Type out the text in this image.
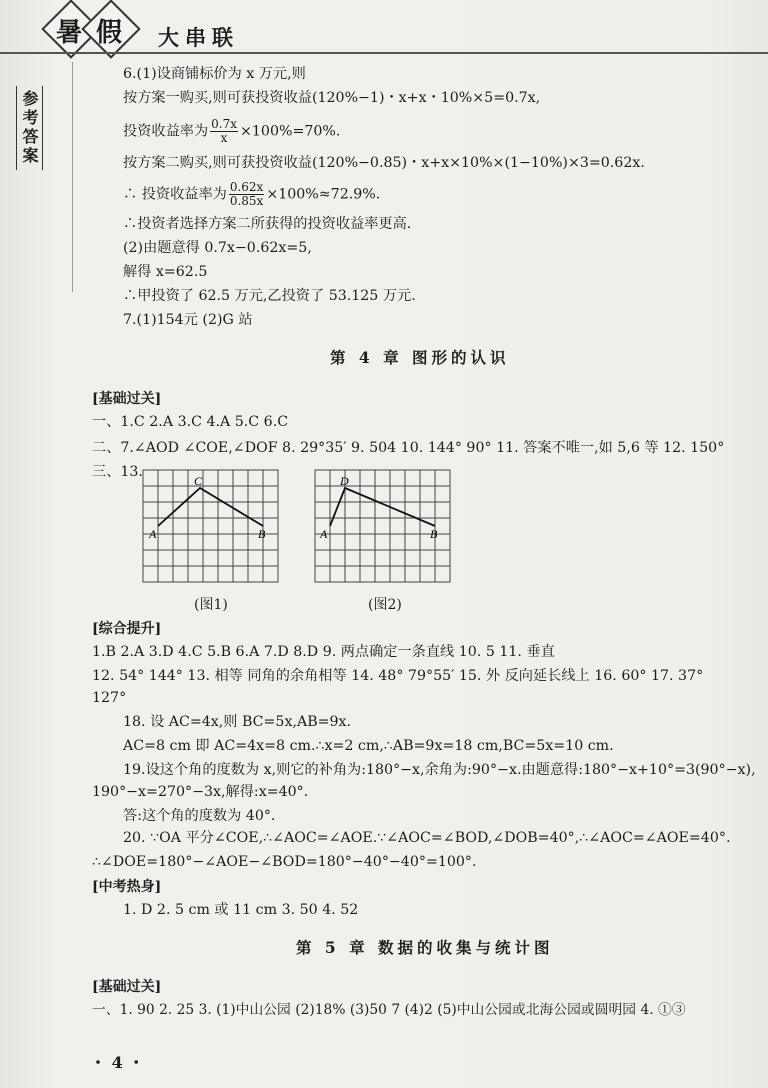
暑 假 大串联
参考答案
6.(1)设商铺标价为 x 万元,则
按方案一购买,则可获投资收益(120%−1)・x+x・10%×5=0.7x,
投资收益率为 $\frac{0.7x}{x} \times 100\%=70\%$.
按方案二购买,则可获投资收益(120%−0.85)・x+x×10%×(1−10%)×3=0.62x.
∴ 投资收益率为 $\frac{0.62x}{0.85x} \times 100\%\approx 72.9\%$.
∴投资者选择方案二所获得的投资收益率更高.
(2)由题意得 0.7x−0.62x=5,
解得 x=62.5
∴甲投资了 62.5 万元,乙投资了 53.125 万元.
7.(1)154元 (2)G 站
第 4 章 图形的认识
[基础过关]
一、1.C 2.A 3.C 4.A 5.C 6.C
二、7.∠AOD ∠COE,∠DOF 8. 29°35′ 9. 504 10. 144° 90° 11. 答案不唯一,如 5,6 等 12. 150°
三、13.
A
C
B
(图1)
A
D
B
(图2)
[综合提升]
1.B 2.A 3.D 4.C 5.B 6.A 7.D 8.D 9. 两点确定一条直线 10. 5 11. 垂直
12. 54° 144° 13. 相等 同角的余角相等 14. 48° 79°55′ 15. 外 反向延长线上 16. 60° 17. 37°
127°
18. 设 AC=4x,则 BC=5x,AB=9x.
AC=8 cm 即 AC=4x=8 cm.∴x=2 cm,∴AB=9x=18 cm,BC=5x=10 cm.
19.设这个角的度数为 x,则它的补角为:180°−x,余角为:90°−x.由题意得:180°−x+10°=3(90°−x),
190°−x=270°−3x,解得:x=40°.
答:这个角的度数为 40°.
20. ∵OA 平分∠COE,∴∠AOC=∠AOE.∵∠AOC=∠BOD,∠DOB=40°,∴∠AOC=∠AOE=40°.
∴∠DOE=180°−∠AOE−∠BOD=180°−40°−40°=100°.
[中考热身]
1. D 2. 5 cm 或 11 cm 3. 50 4. 52
第 5 章 数据的收集与统计图
[基础过关]
一、1. 90 2. 25 3. (1)中山公园 (2)18% (3)50 7 (4)2 (5)中山公园或北海公园或圆明园 4. ①③
・ 4 ・
